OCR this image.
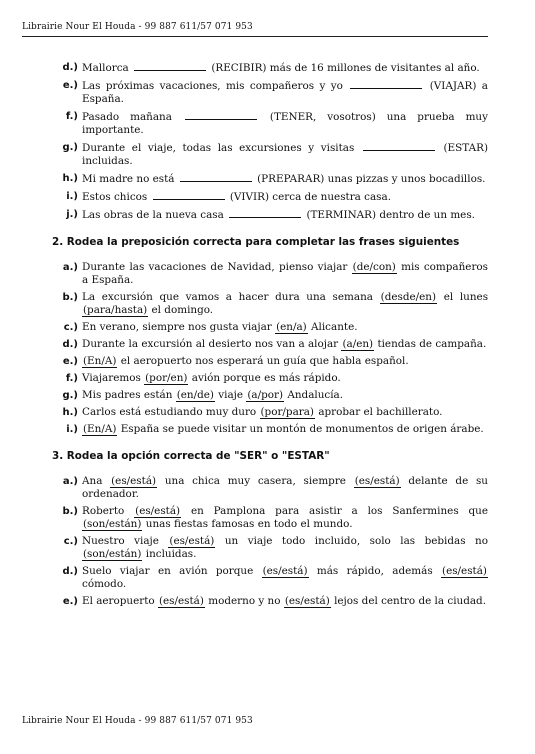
Librairie Nour El Houda - 99 887 611/57 071 953
d.) Mallorca	(RECIBIR) más de 16 millones de visitantes al año.
e.) Las próximas vacaciones, mis compañeros y yo	(VIAJAR) a España.
f.) Pasado mañana	(TENER, vosotros) una prueba muy importante.
g.) Durante el viaje, todas las excursiones y visitas	(ESTAR) incluidas.
h.) Mi madre no está	(PREPARAR) unas pizzas y unos bocadillos.
i.) Estos chicos	(VIVIR) cerca de nuestra casa.
j.) Las obras de la nueva casa	(TERMINAR) dentro de un mes.
2. Rodea la preposición correcta para completar las frases siguientes
a.) Durante las vacaciones de Navidad, pienso viajar (de/con) mis compañeros a España.
b.) La excursión que vamos a hacer dura una semana (desde/en) el lunes (para/hasta) el domingo.
c.) En verano, siempre nos gusta viajar (en/a) Alicante.
d.) Durante la excursión al desierto nos van a alojar (a/en) tiendas de campaña.
e.) (En/A) el aeropuerto nos esperará un guía que habla español.
f.) Viajaremos (por/en) avión porque es más rápido.
g.) Mis padres están (en/de) viaje (a/por) Andalucía.
h.) Carlos está estudiando muy duro (por/para) aprobar el bachillerato.
i.) (En/A) España se puede visitar un montón de monumentos de origen árabe.
3. Rodea la opción correcta de "SER" o "ESTAR"
a.) Ana (es/está) una chica muy casera, siempre (es/está) delante de su ordenador.
b.) Roberto (es/está) en Pamplona para asistir a los Sanfermines que (son/están) unas fiestas famosas en todo el mundo.
c.) Nuestro viaje (es/está) un viaje todo incluido, solo las bebidas no (son/están) incluidas.
d.) Suelo viajar en avión porque (es/está) más rápido, además (es/está) cómodo.
e.) El aeropuerto (es/está) moderno y no (es/está) lejos del centro de la ciudad.
Librairie Nour El Houda - 99 887 611/57 071 953
